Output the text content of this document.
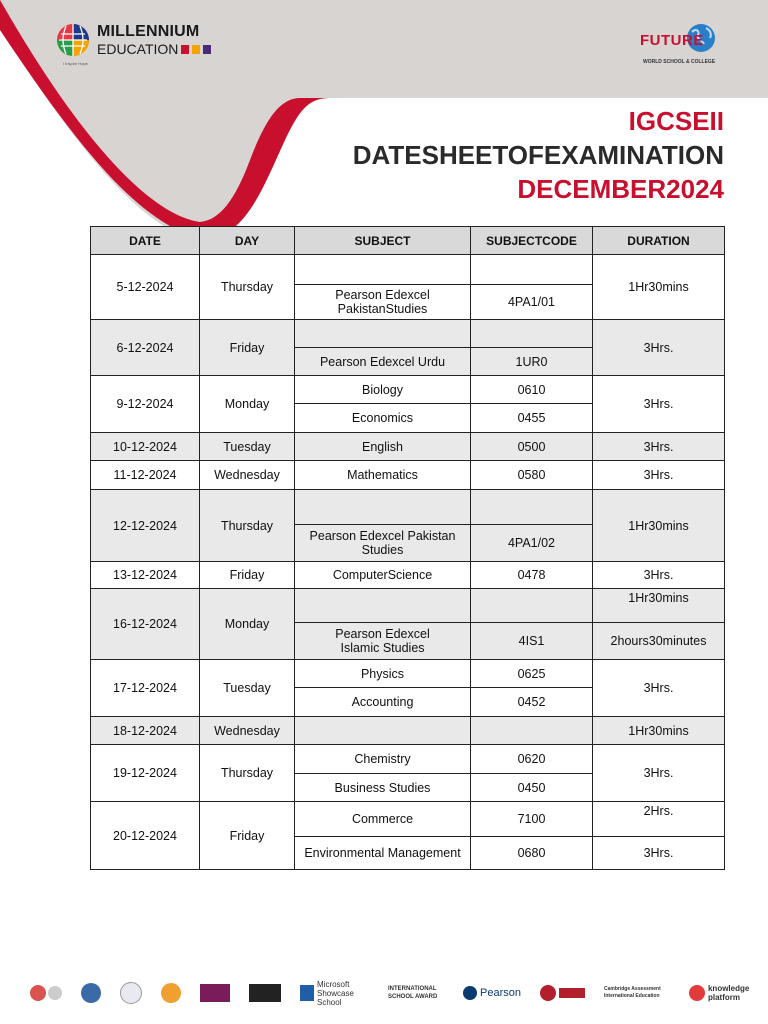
MILLENNIUM
EDUCATION
I Inspire Hope
FUTURE
WORLD SCHOOL & COLLEGE
IGCSEII
DATESHEETOFEXAMINATION
DECEMBER2024
DATE	DAY	SUBJECT	SUBJECTCODE	DURATION
5-12-2024	Thursday			1Hr30mins
		Pearson Edexcel PakistanStudies	4PA1/01	
6-12-2024	Friday			3Hrs.
		Pearson Edexcel Urdu	1UR0	
9-12-2024	Monday	Biology	0610	3Hrs.
		Economics	0455	
10-12-2024	Tuesday	English	0500	3Hrs.
11-12-2024	Wednesday	Mathematics	0580	3Hrs.
12-12-2024	Thursday			1Hr30mins
		Pearson Edexcel Pakistan Studies	4PA1/02	
13-12-2024	Friday	ComputerScience	0478	3Hrs.
16-12-2024	Monday			1Hr30mins
		Pearson Edexcel Islamic Studies	4IS1	2hours30minutes
17-12-2024	Tuesday	Physics	0625	3Hrs.
		Accounting	0452	
18-12-2024	Wednesday			1Hr30mins
19-12-2024	Thursday	Chemistry	0620	3Hrs.
		Business Studies	0450	
20-12-2024	Friday	Commerce	7100	2Hrs.
		Environmental Management	0680	3Hrs.
Microsoft Showcase School
INTERNATIONAL SCHOOL AWARD	Pearson	Cambridge Assessment International Education
knowledge platform
